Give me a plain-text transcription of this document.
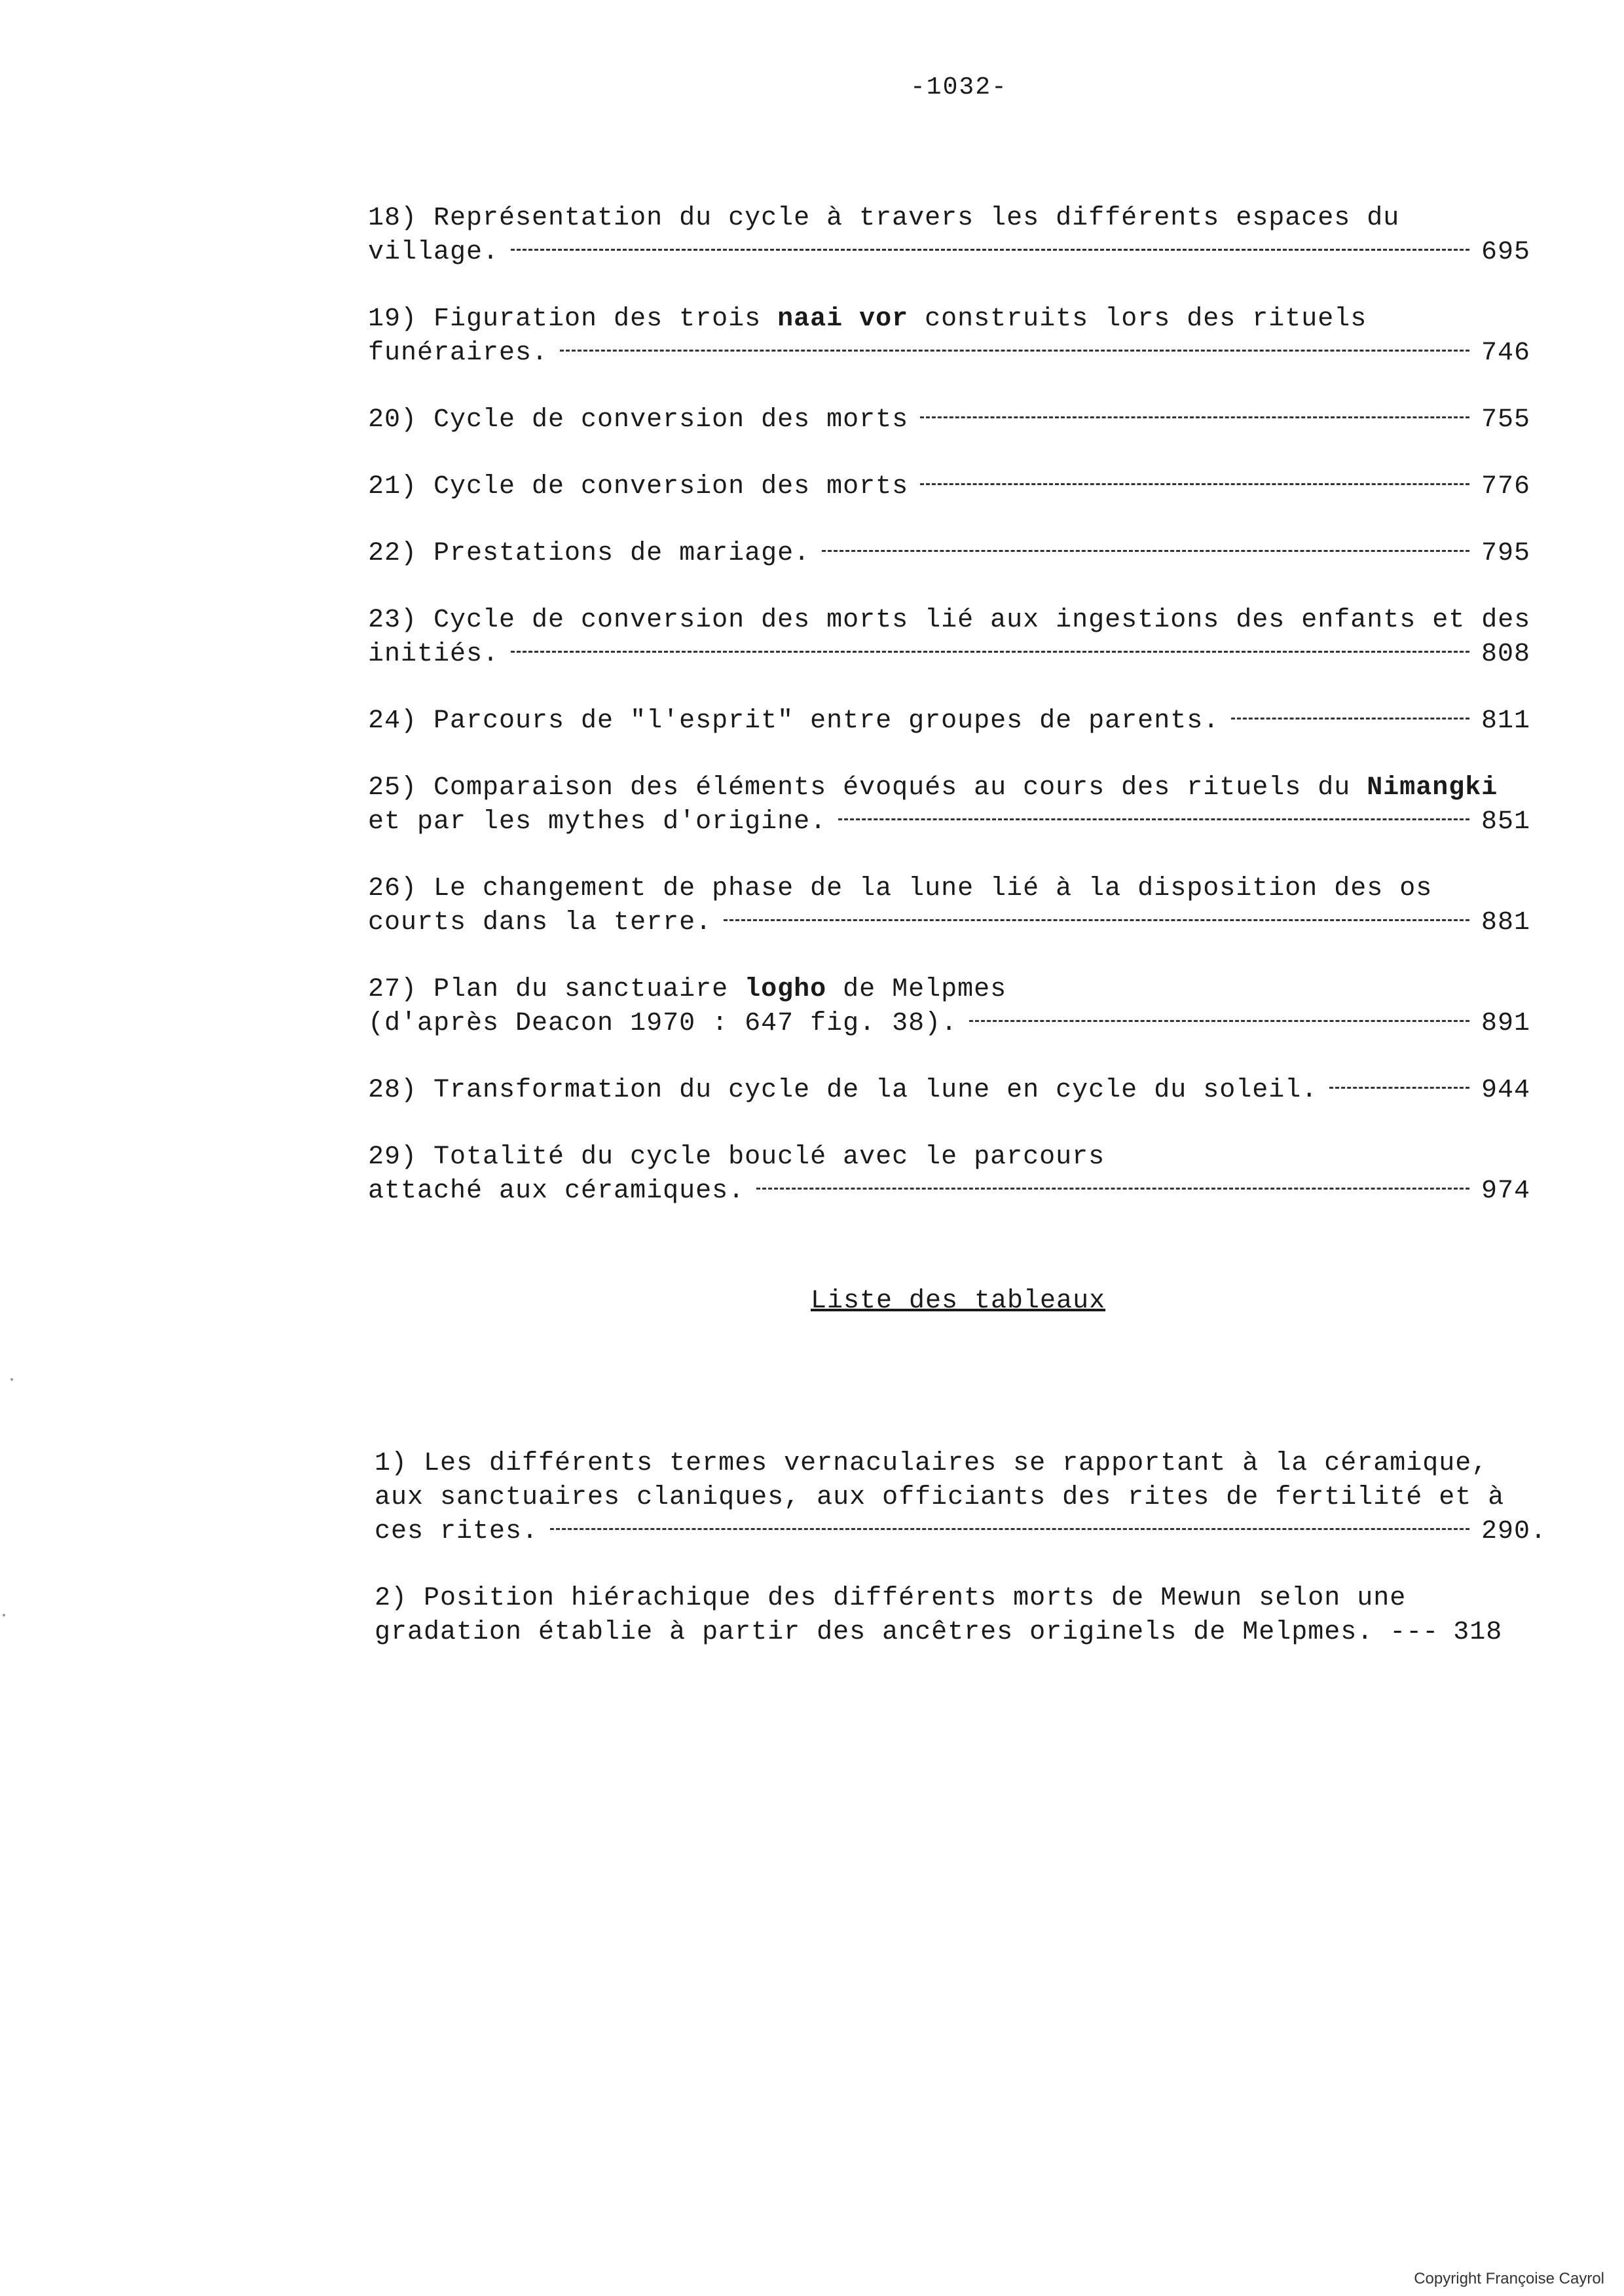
-1032-
18) Représentation du cycle à travers les différents espaces du
village.	695
19) Figuration des trois naai vor construits lors des rituels
funéraires.	746
20) Cycle de conversion des morts	755
21) Cycle de conversion des morts	776
22) Prestations de mariage.	795
23) Cycle de conversion des morts lié aux ingestions des enfants et des
initiés.	808
24) Parcours de "l'esprit" entre groupes de parents.	811
25) Comparaison des éléments évoqués au cours des rituels du Nimangki
et par les mythes d'origine.	851
26) Le changement de phase de la lune lié à la disposition des os
courts dans la terre.	881
27) Plan du sanctuaire logho de Melpmes
(d'après Deacon 1970 : 647 fig. 38).	891
28) Transformation du cycle de la lune en cycle du soleil.	944
29) Totalité du cycle bouclé avec le parcours
attaché aux céramiques.	974
Liste des tableaux
1) Les différents termes vernaculaires se rapportant à la céramique,
aux sanctuaires claniques, aux officiants des rites de fertilité et à
ces rites.	290.
2) Position hiérachique des différents morts de Mewun selon une
gradation établie à partir des ancêtres originels de Melpmes. --- 318
Copyright Françoise Cayrol
